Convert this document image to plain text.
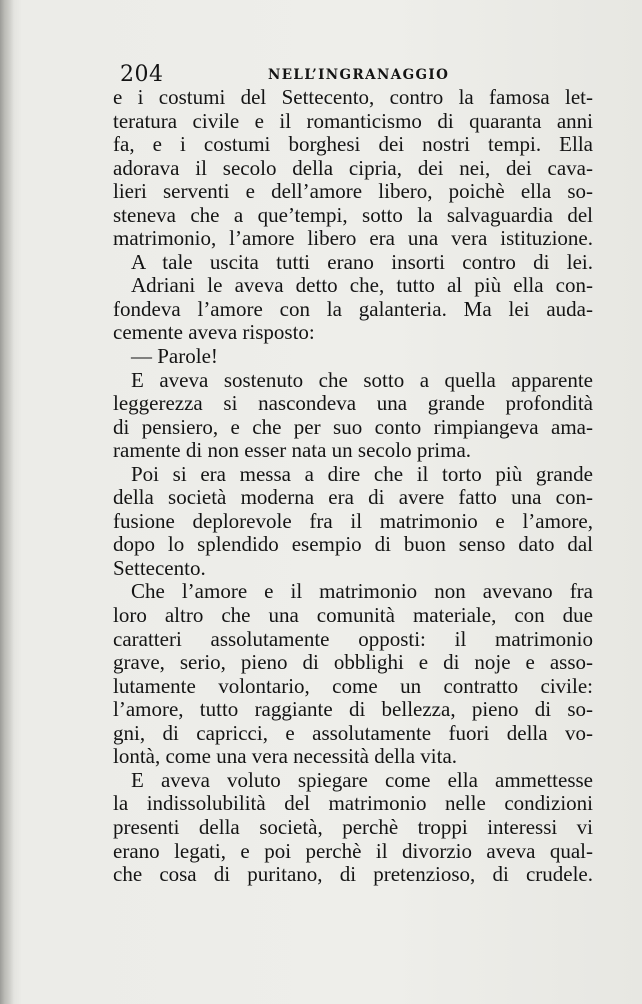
204	NELL’INGRANAGGIO
e i costumi del Settecento, contro la famosa let-
teratura civile e il romanticismo di quaranta anni
fa, e i costumi borghesi dei nostri tempi. Ella
adorava il secolo della cipria, dei nei, dei cava-
lieri serventi e dell’amore libero, poichè ella so-
steneva che a que’tempi, sotto la salvaguardia del
matrimonio, l’amore libero era una vera istituzione.
A tale uscita tutti erano insorti contro di lei.
Adriani le aveva detto che, tutto al più ella con-
fondeva l’amore con la galanteria. Ma lei auda-
cemente aveva risposto:
— Parole!
E aveva sostenuto che sotto a quella apparente
leggerezza si nascondeva una grande profondità
di pensiero, e che per suo conto rimpiangeva ama-
ramente di non esser nata un secolo prima.
Poi si era messa a dire che il torto più grande
della società moderna era di avere fatto una con-
fusione deplorevole fra il matrimonio e l’amore,
dopo lo splendido esempio di buon senso dato dal
Settecento.
Che l’amore e il matrimonio non avevano fra
loro altro che una comunità materiale, con due
caratteri assolutamente opposti: il matrimonio
grave, serio, pieno di obblighi e di noje e asso-
lutamente volontario, come un contratto civile:
l’amore, tutto raggiante di bellezza, pieno di so-
gni, di capricci, e assolutamente fuori della vo-
lontà, come una vera necessità della vita.
E aveva voluto spiegare come ella ammettesse
la indissolubilità del matrimonio nelle condizioni
presenti della società, perchè troppi interessi vi
erano legati, e poi perchè il divorzio aveva qual-
che cosa di puritano, di pretenzioso, di crudele.
